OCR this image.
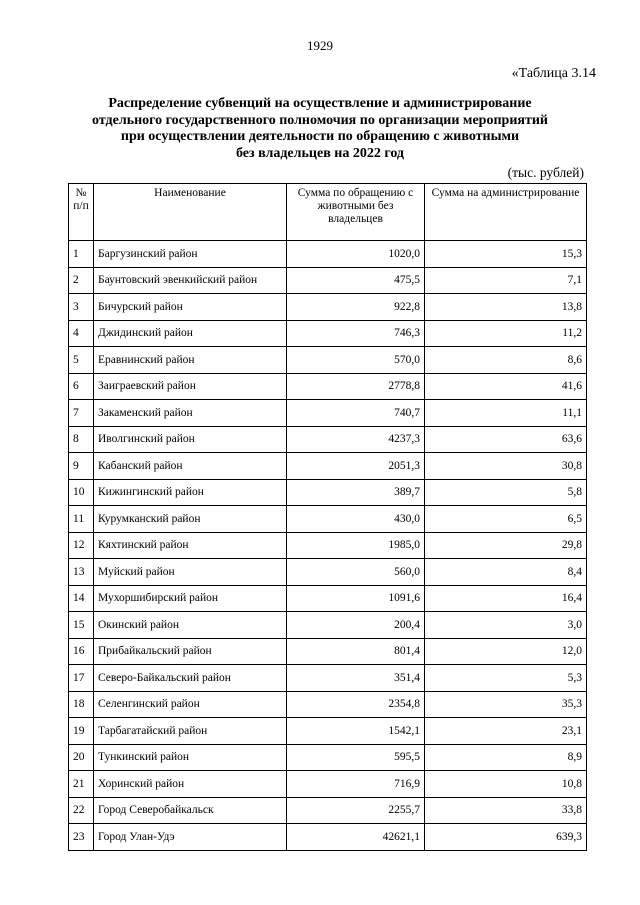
1929
«Таблица 3.14
Распределение субвенций на осуществление и администрирование
отдельного государственного полномочия по организации мероприятий
при осуществлении деятельности по обращению с животными
без владельцев на 2022 год
(тыс. рублей)
№ п/п	Наименование	Сумма по обращению с животными без владельцев	Сумма на администрирование
1	Баргузинский район	1020,0	15,3
2	Баунтовский эвенкийский район	475,5	7,1
3	Бичурский район	922,8	13,8
4	Джидинский район	746,3	11,2
5	Еравнинский район	570,0	8,6
6	Заиграевский район	2778,8	41,6
7	Закаменский район	740,7	11,1
8	Иволгинский район	4237,3	63,6
9	Кабанский район	2051,3	30,8
10	Кижингинский район	389,7	5,8
11	Курумканский район	430,0	6,5
12	Кяхтинский район	1985,0	29,8
13	Муйский район	560,0	8,4
14	Мухоршибирский район	1091,6	16,4
15	Окинский район	200,4	3,0
16	Прибайкальский район	801,4	12,0
17	Северо-Байкальский район	351,4	5,3
18	Селенгинский район	2354,8	35,3
19	Тарбагатайский район	1542,1	23,1
20	Тункинский район	595,5	8,9
21	Хоринский район	716,9	10,8
22	Город Северобайкальск	2255,7	33,8
23	Город Улан-Удэ	42621,1	639,3
